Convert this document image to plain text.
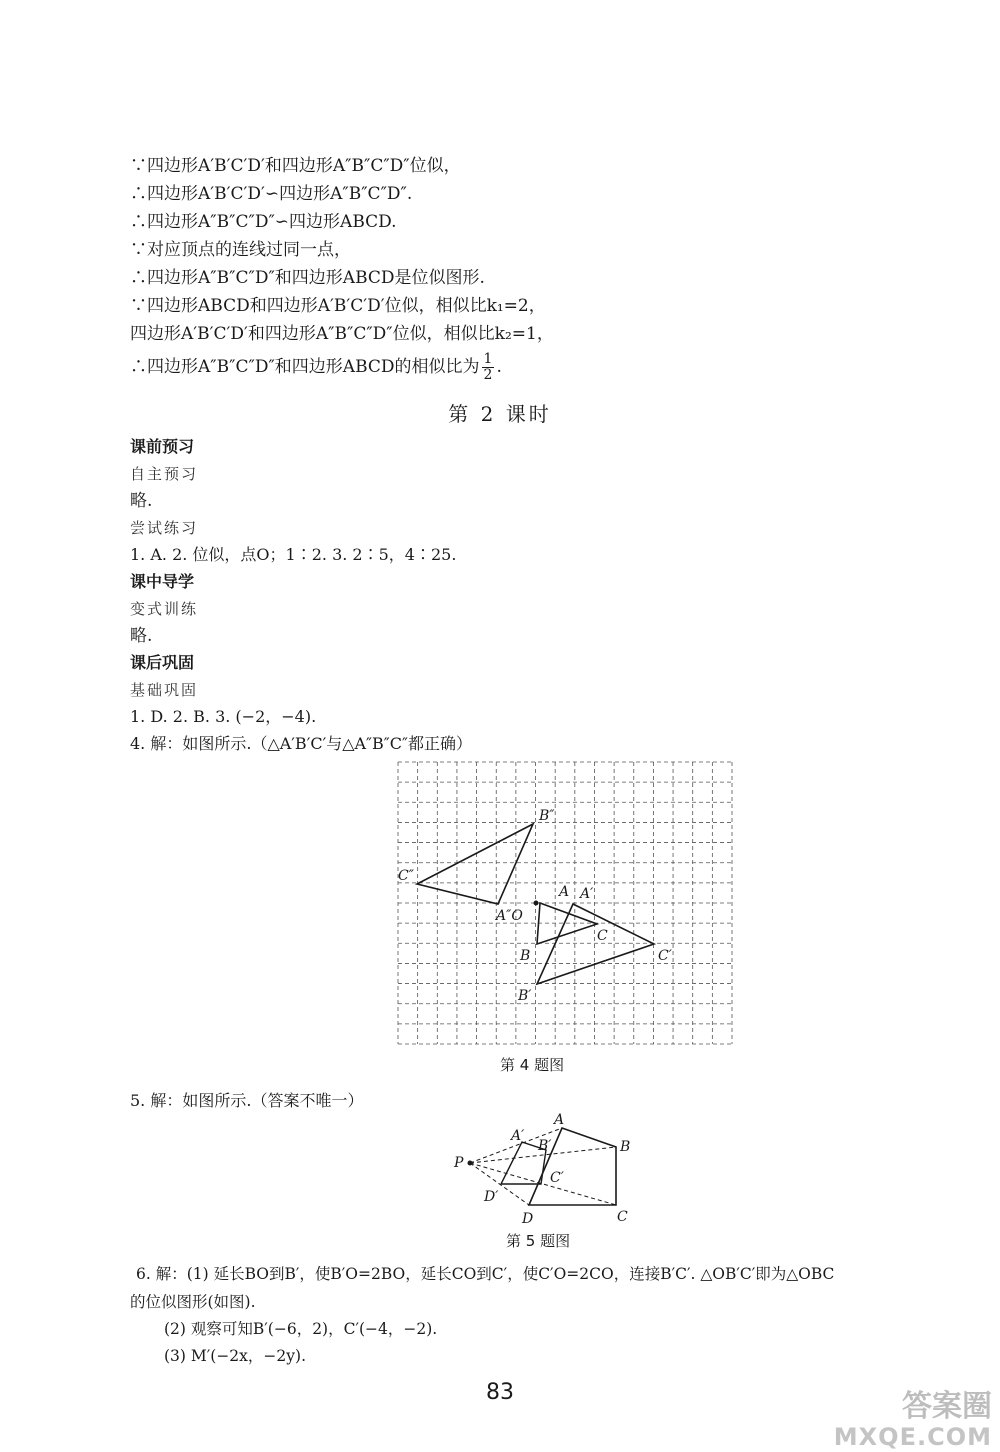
∵四边形A′B′C′D′和四边形A″B″C″D″位似，
∴四边形A′B′C′D′∽四边形A″B″C″D″.
∴四边形A″B″C″D″∽四边形ABCD.
∵对应顶点的连线过同一点，
∴四边形A″B″C″D″和四边形ABCD是位似图形.
∵四边形ABCD和四边形A′B′C′D′位似，相似比k₁=2，
四边形A′B′C′D′和四边形A″B″C″D″位似，相似比k₂=1，
∴四边形A″B″C″D″和四边形ABCD的相似比为 $\frac{1}{2}$ .
第 2 课时
课前预习
自主预习
略.
尝试练习
1. A. 2. 位似，点O；1∶2. 3. 2∶5，4∶25.
课中导学
变式训练
略.
课后巩固
基础巩固
1. D. 2. B. 3. (−2，−4).
4. 解：如图所示.（△A′B′C′与△A″B″C″都正确）
B″
C″
A″O
A A′
C
B	C′
B′
第 4 题图
5. 解：如图所示.（答案不唯一）
A
A′
B′	B
P
C′
D′
D	C
第 5 题图
6. 解：(1) 延长BO到B′，使B′O=2BO，延长CO到C′，使C′O=2CO，连接B′C′. △OB′C′即为△OBC
的位似图形(如图).
(2) 观察可知B′(−6，2)，C′(−4，−2).
(3) M′(−2x，−2y).
83	答案圈
MXQE.COM
